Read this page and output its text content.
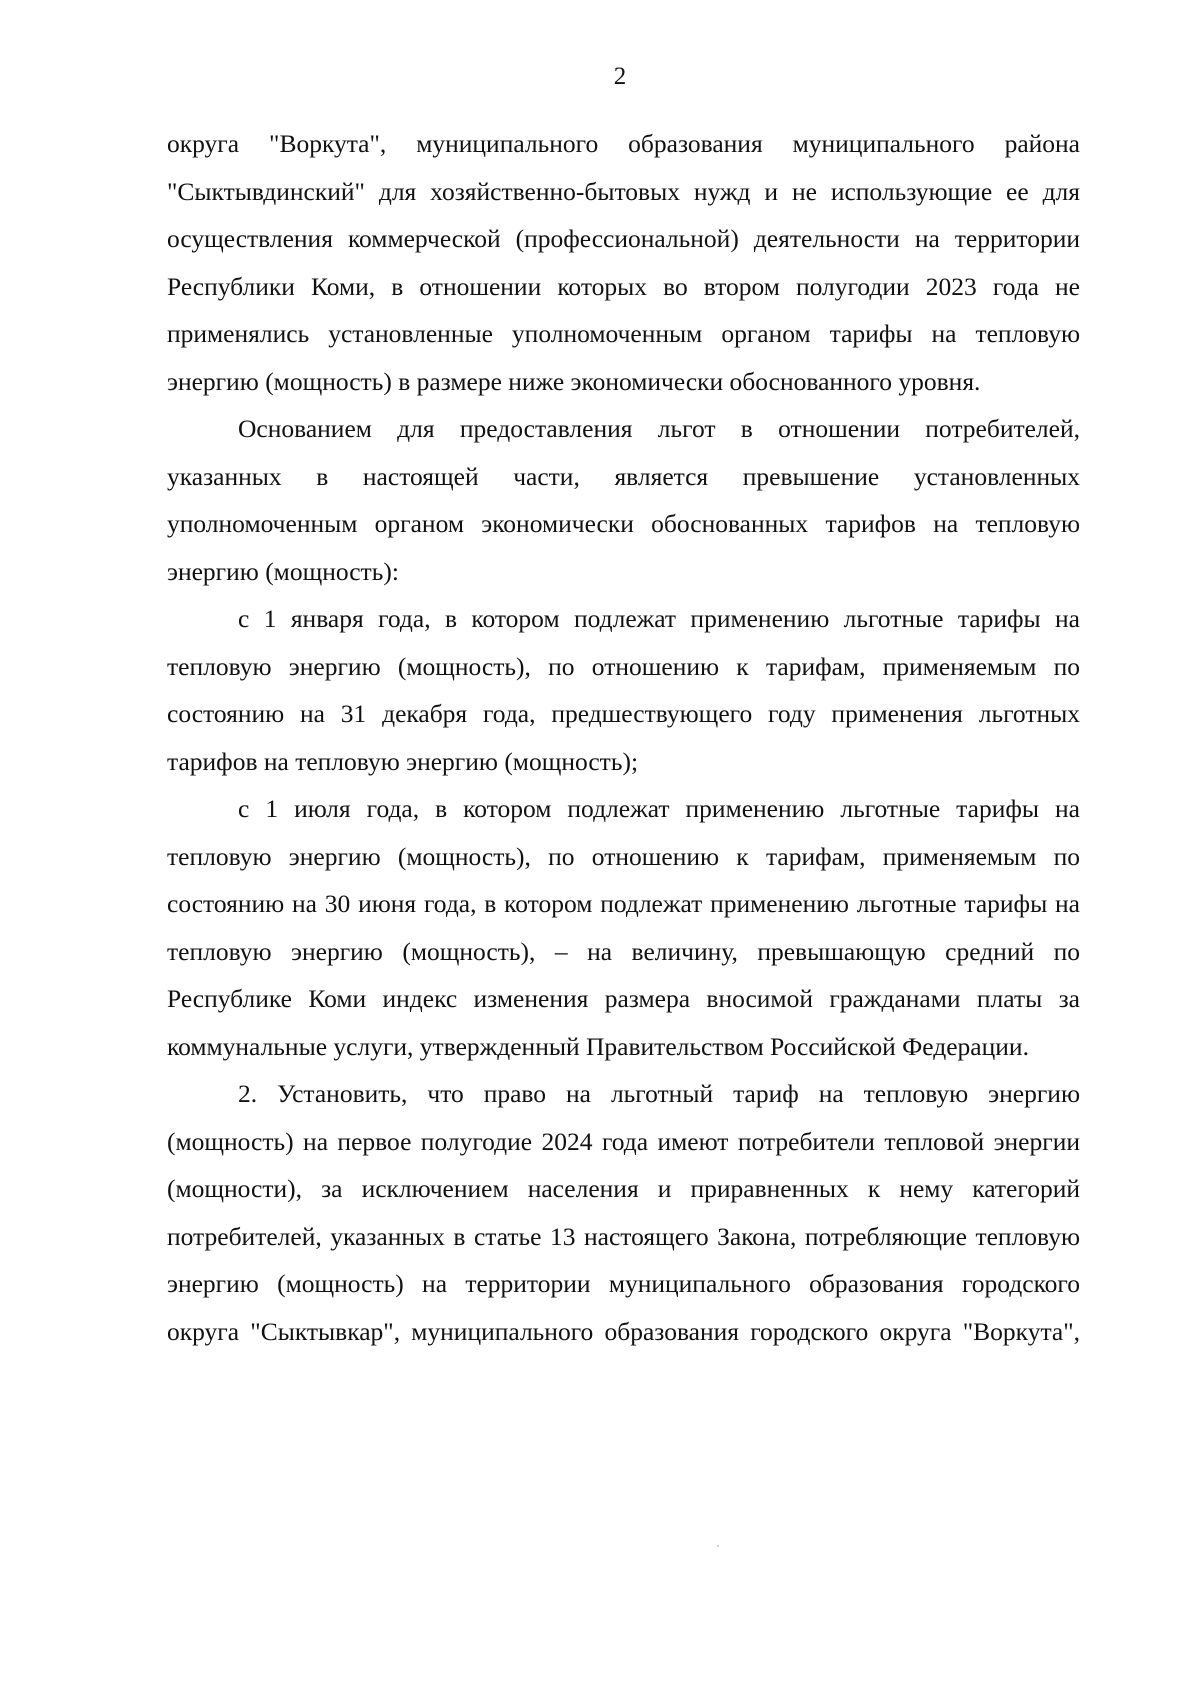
2

округа "Воркута", муниципального образования муниципального района "Сыктывдинский" для хозяйственно-бытовых нужд и не использующие ее для осуществления коммерческой (профессиональной) деятельности на территории Республики Коми, в отношении которых во втором полугодии 2023 года не применялись установленные уполномоченным органом тарифы на тепловую энергию (мощность) в размере ниже экономически обоснованного уровня.

Основанием для предоставления льгот в отношении потребителей, указанных в настоящей части, является превышение установленных уполномоченным органом экономически обоснованных тарифов на тепловую энергию (мощность):

с 1 января года, в котором подлежат применению льготные тарифы на тепловую энергию (мощность), по отношению к тарифам, применяемым по состоянию на 31 декабря года, предшествующего году применения льготных тарифов на тепловую энергию (мощность);

с 1 июля года, в котором подлежат применению льготные тарифы на тепловую энергию (мощность), по отношению к тарифам, применяемым по состоянию на 30 июня года, в котором подлежат применению льготные тарифы на тепловую энергию (мощность), – на величину, превышающую средний по Республике Коми индекс изменения размера вносимой гражданами платы за коммунальные услуги, утвержденный Правительством Российской Федерации.

2. Установить, что право на льготный тариф на тепловую энергию (мощность) на первое полугодие 2024 года имеют потребители тепловой энергии (мощности), за исключением населения и приравненных к нему категорий потребителей, указанных в статье 13 настоящего Закона, потребляющие тепловую энергию (мощность) на территории муниципального образования городского округа "Сыктывкар", муниципального образования городского округа "Воркута",
